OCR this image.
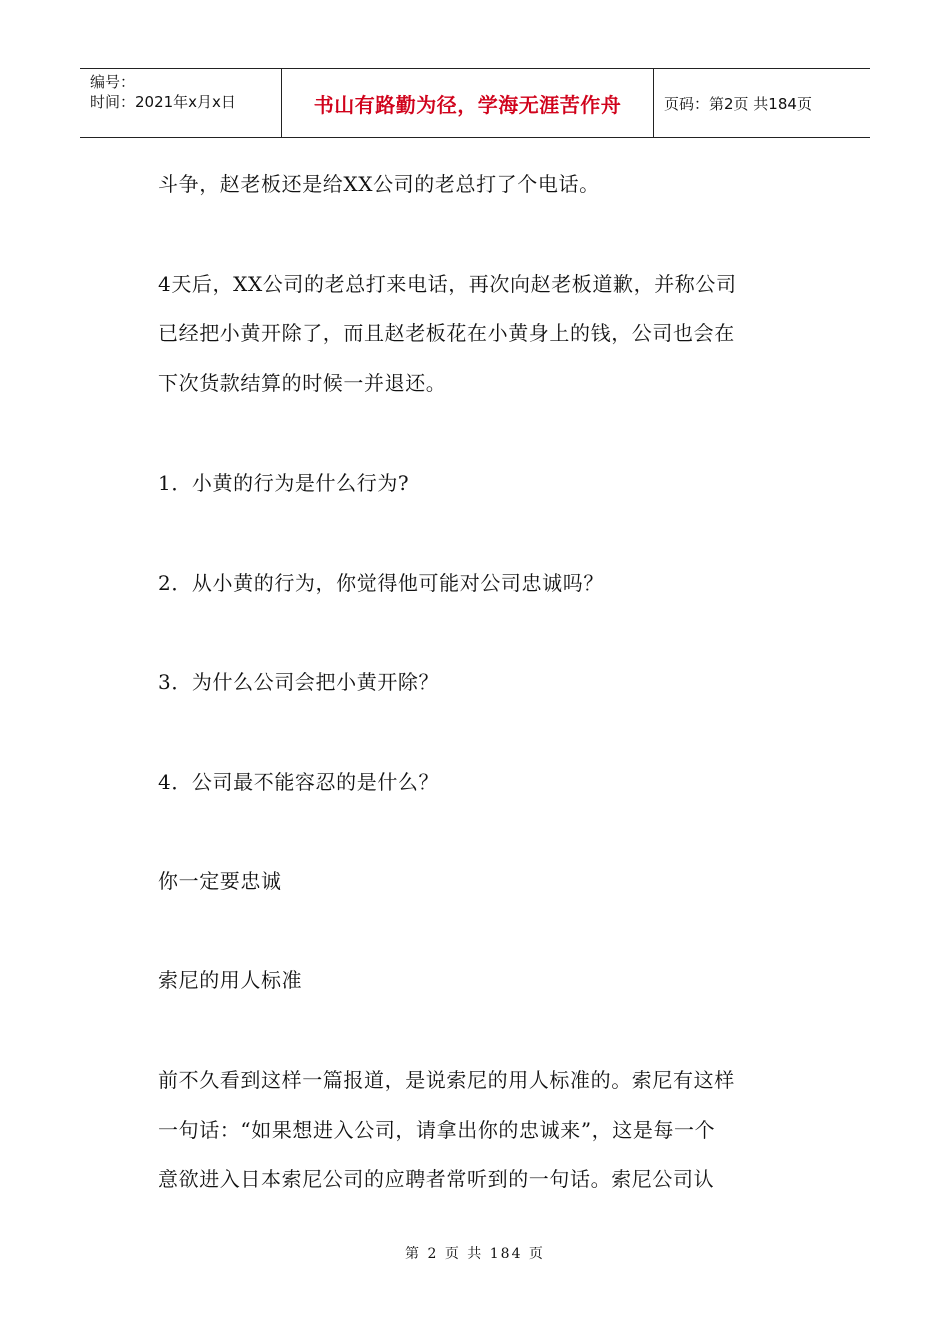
编号：
时间：2021年x月x日	书山有路勤为径，学海无涯苦作舟	页码：第2页 共184页

斗争，赵老板还是给XX公司的老总打了个电话。

4天后，XX公司的老总打来电话，再次向赵老板道歉，并称公司

已经把小黄开除了，而且赵老板花在小黄身上的钱，公司也会在

下次货款结算的时候一并退还。

1．小黄的行为是什么行为?

2．从小黄的行为，你觉得他可能对公司忠诚吗？

3．为什么公司会把小黄开除？

4．公司最不能容忍的是什么？

你一定要忠诚

索尼的用人标准

前不久看到这样一篇报道，是说索尼的用人标准的。索尼有这样

一句话：“如果想进入公司，请拿出你的忠诚来”，这是每一个

意欲进入日本索尼公司的应聘者常听到的一句话。索尼公司认

第 2 页 共 184 页
